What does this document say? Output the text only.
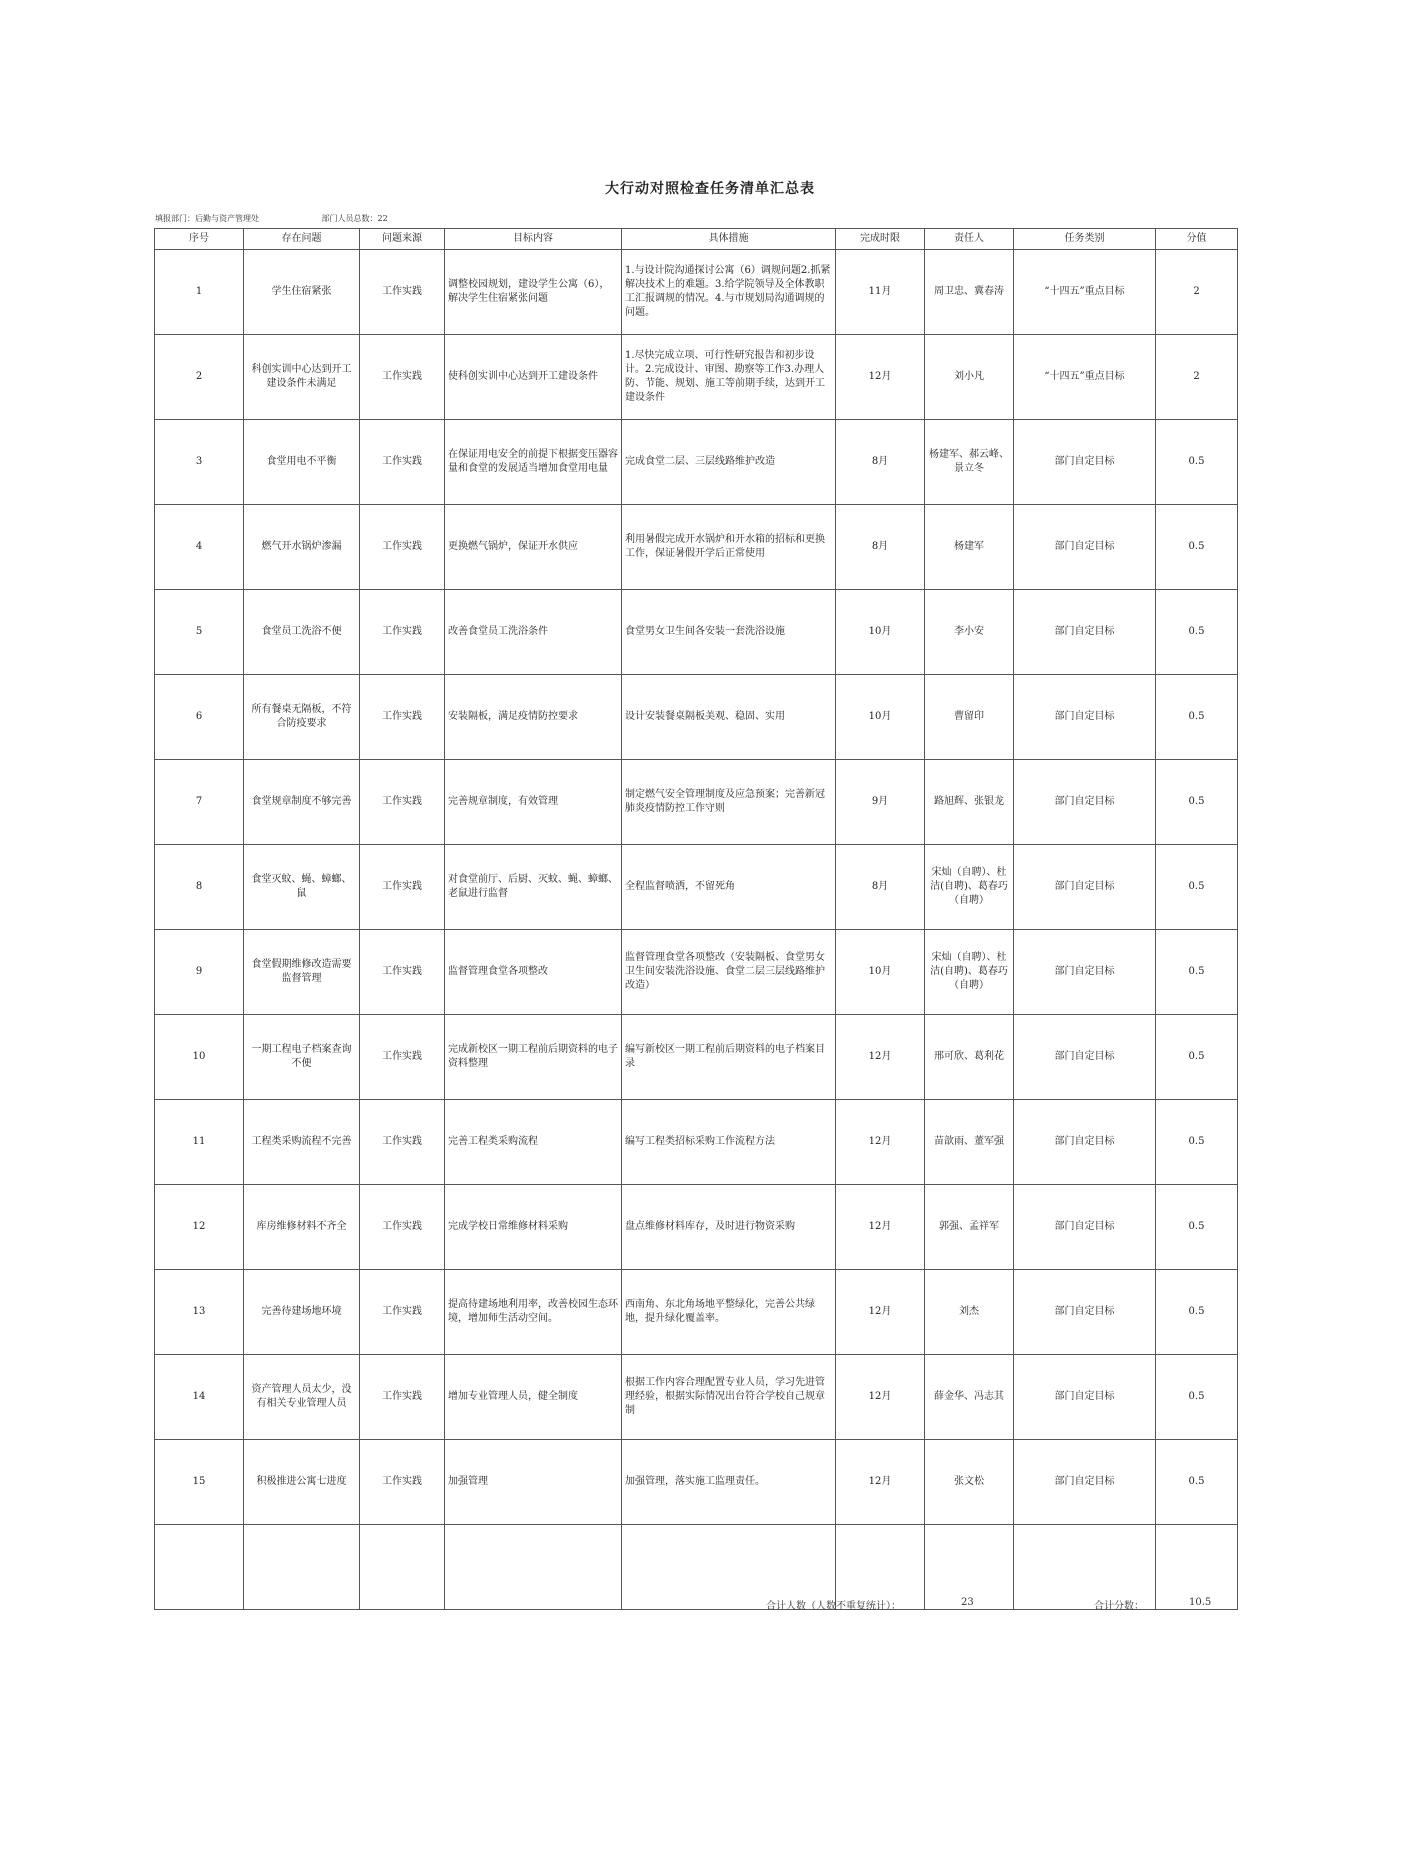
大行动对照检查任务清单汇总表
填报部门：后勤与资产管理处	部门人员总数：22
序号	存在问题	问题来源	目标内容	具体措施	完成时限	责任人	任务类别	分值
1	学生住宿紧张	工作实践	调整校园规划，建设学生公寓（6），解决学生住宿紧张问题	1.与设计院沟通探讨公寓（6）调规问题2.抓紧解决技术上的难题。3.给学院领导及全体教职工汇报调规的情况。4.与市规划局沟通调规的问题。	11月	周卫忠、冀春涛	“十四五”重点目标	2
2	科创实训中心达到开工建设条件未满足	工作实践	使科创实训中心达到开工建设条件	1.尽快完成立项、可行性研究报告和初步设计。2.完成设计、审图、勘察等工作3.办理人防、节能、规划、施工等前期手续，达到开工建设条件	12月	刘小凡	“十四五”重点目标	2
3	食堂用电不平衡	工作实践	在保证用电安全的前提下根据变压器容量和食堂的发展适当增加食堂用电量	完成食堂二层、三层线路维护改造	8月	杨建军、郝云峰、景立冬	部门自定目标	0.5
4	燃气开水锅炉渗漏	工作实践	更换燃气锅炉，保证开水供应	利用暑假完成开水锅炉和开水箱的招标和更换工作，保证暑假开学后正常使用	8月	杨建军	部门自定目标	0.5
5	食堂员工洗浴不便	工作实践	改善食堂员工洗浴条件	食堂男女卫生间各安装一套洗浴设施	10月	李小安	部门自定目标	0.5
6	所有餐桌无隔板，不符合防疫要求	工作实践	安装隔板，满足疫情防控要求	设计安装餐桌隔板美观、稳固、实用	10月	曹留印	部门自定目标	0.5
7	食堂规章制度不够完善	工作实践	完善规章制度，有效管理	制定燃气安全管理制度及应急预案；完善新冠肺炎疫情防控工作守则	9月	路旭辉、张银龙	部门自定目标	0.5
8	食堂灭蚊、蝇、蟑螂、鼠	工作实践	对食堂前厅、后厨、灭蚊、蝇、蟑螂、老鼠进行监督	全程监督喷洒，不留死角	8月	宋灿（自聘）、杜洁(自聘)、葛春巧（自聘）	部门自定目标	0.5
9	食堂假期维修改造需要监督管理	工作实践	监督管理食堂各项整改	监督管理食堂各项整改（安装隔板、食堂男女卫生间安装洗浴设施、食堂二层三层线路维护改造）	10月	宋灿（自聘）、杜洁(自聘)、葛春巧（自聘）	部门自定目标	0.5
10	一期工程电子档案查询不便	工作实践	完成新校区一期工程前后期资料的电子资料整理	编写新校区一期工程前后期资料的电子档案目录	12月	邢可欣、葛利花	部门自定目标	0.5
11	工程类采购流程不完善	工作实践	完善工程类采购流程	编写工程类招标采购工作流程方法	12月	苗歆雨、董军强	部门自定目标	0.5
12	库房维修材料不齐全	工作实践	完成学校日常维修材料采购	盘点维修材料库存，及时进行物资采购	12月	郭强、孟祥军	部门自定目标	0.5
13	完善待建场地环境	工作实践	提高待建场地利用率，改善校园生态环境，增加师生活动空间。	西南角、东北角场地平整绿化，完善公共绿地，提升绿化覆盖率。	12月	刘杰	部门自定目标	0.5
14	资产管理人员太少，没有相关专业管理人员	工作实践	增加专业管理人员，健全制度	根据工作内容合理配置专业人员，学习先进管理经验，根据实际情况出台符合学校自己规章制	12月	薛金华、冯志其	部门自定目标	0.5
15	积极推进公寓七进度	工作实践	加强管理	加强管理，落实施工监理责任。	12月	张文松	部门自定目标	0.5

合计人数（人数不重复统计）：	23	合计分数：	10.5
